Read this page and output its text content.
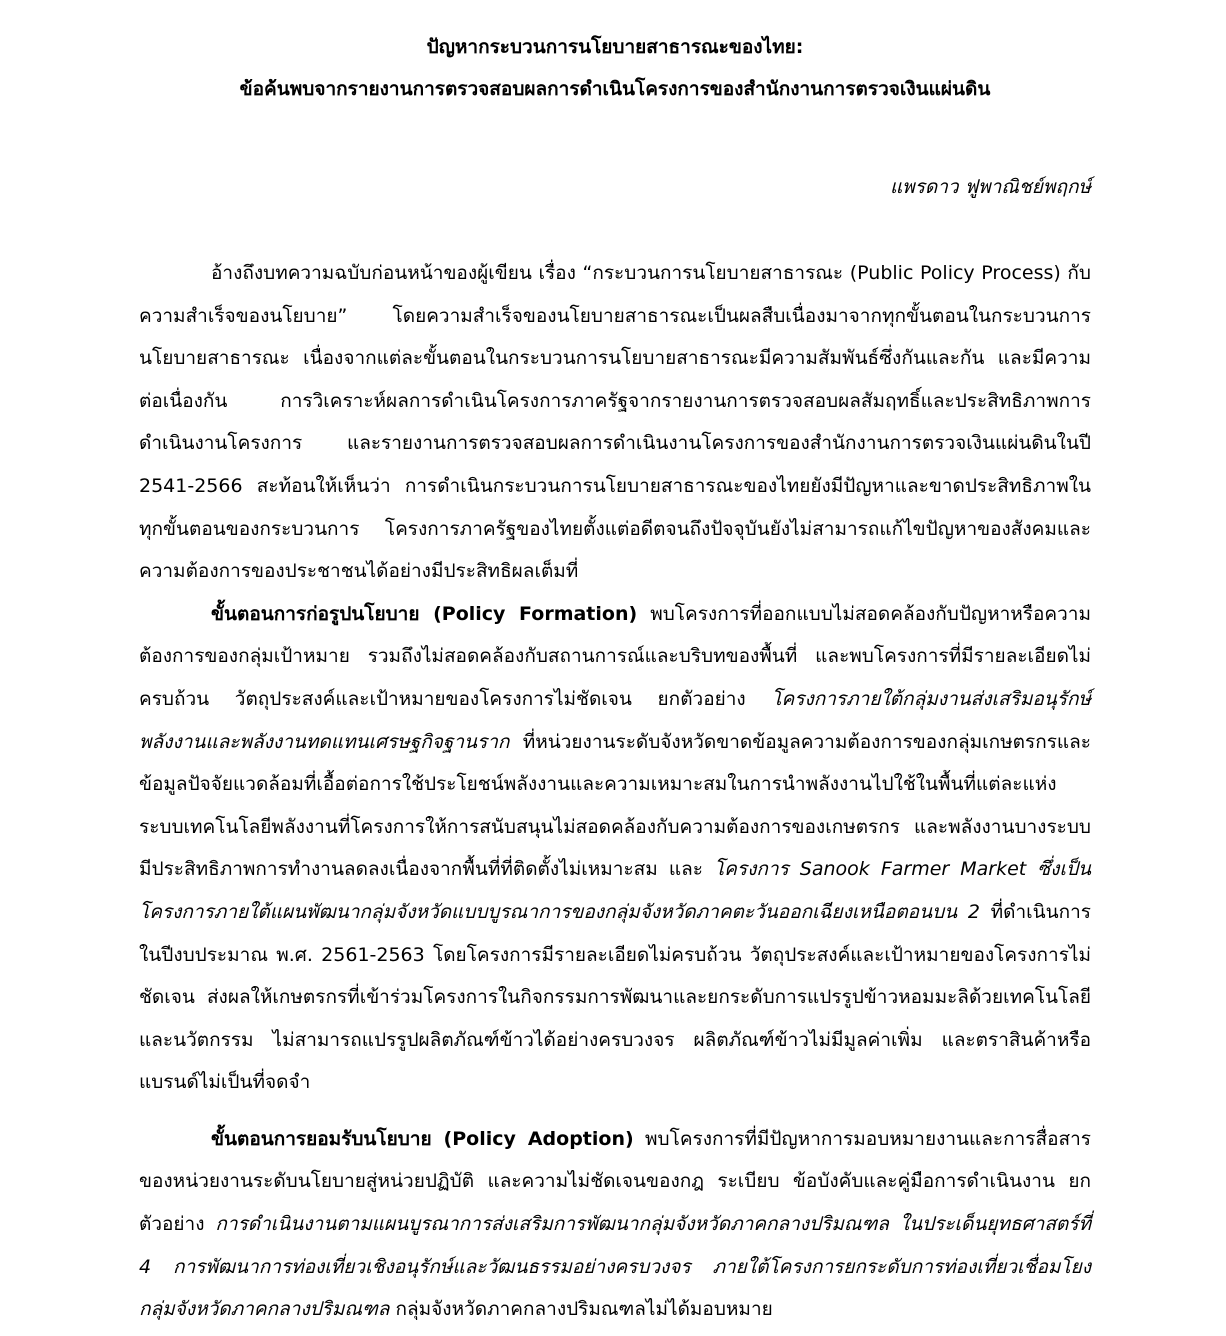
ปัญหากระบวนการนโยบายสาธารณะของไทย:

ข้อค้นพบจากรายงานการตรวจสอบผลการดำเนินโครงการของสำนักงานการตรวจเงินแผ่นดิน

แพรดาว ฟูพาณิชย์พฤกษ์

อ้างถึงบทความฉบับก่อนหน้าของผู้เขียน เรื่อง “กระบวนการนโยบายสาธารณะ (Public Policy Process) กับความสำเร็จของนโยบาย” โดยความสำเร็จของนโยบายสาธารณะเป็นผลสืบเนื่องมาจากทุกขั้นตอนในกระบวนการนโยบายสาธารณะ เนื่องจากแต่ละขั้นตอนในกระบวนการนโยบายสาธารณะมีความสัมพันธ์ซึ่งกันและกัน และมีความต่อเนื่องกัน การวิเคราะห์ผลการดำเนินโครงการภาครัฐจากรายงานการตรวจสอบผลสัมฤทธิ์และประสิทธิภาพการดำเนินงานโครงการ และรายงานการตรวจสอบผลการดำเนินงานโครงการของสำนักงานการตรวจเงินแผ่นดินในปี 2541-2566 สะท้อนให้เห็นว่า การดำเนินกระบวนการนโยบายสาธารณะของไทยยังมีปัญหาและขาดประสิทธิภาพในทุกขั้นตอนของกระบวนการ โครงการภาครัฐของไทยตั้งแต่อดีตจนถึงปัจจุบันยังไม่สามารถแก้ไขปัญหาของสังคมและความต้องการของประชาชนได้อย่างมีประสิทธิผลเต็มที่

ขั้นตอนการก่อรูปนโยบาย (Policy Formation) พบโครงการที่ออกแบบไม่สอดคล้องกับปัญหาหรือความต้องการของกลุ่มเป้าหมาย รวมถึงไม่สอดคล้องกับสถานการณ์และบริบทของพื้นที่ และพบโครงการที่มีรายละเอียดไม่ครบถ้วน วัตถุประสงค์และเป้าหมายของโครงการไม่ชัดเจน ยกตัวอย่าง โครงการภายใต้กลุ่มงานส่งเสริมอนุรักษ์พลังงานและพลังงานทดแทนเศรษฐกิจฐานราก ที่หน่วยงานระดับจังหวัดขาดข้อมูลความต้องการของกลุ่มเกษตรกรและข้อมูลปัจจัยแวดล้อมที่เอื้อต่อการใช้ประโยชน์พลังงานและความเหมาะสมในการนำพลังงานไปใช้ในพื้นที่แต่ละแห่ง ระบบเทคโนโลยีพลังงานที่โครงการให้การสนับสนุนไม่สอดคล้องกับความต้องการของเกษตรกร และพลังงานบางระบบมีประสิทธิภาพการทำงานลดลงเนื่องจากพื้นที่ที่ติดตั้งไม่เหมาะสม และ โครงการ Sanook Farmer Market ซึ่งเป็นโครงการภายใต้แผนพัฒนากลุ่มจังหวัดแบบบูรณาการของกลุ่มจังหวัดภาคตะวันออกเฉียงเหนือตอนบน 2 ที่ดำเนินการในปีงบประมาณ พ.ศ. 2561-2563 โดยโครงการมีรายละเอียดไม่ครบถ้วน วัตถุประสงค์และเป้าหมายของโครงการไม่ชัดเจน ส่งผลให้เกษตรกรที่เข้าร่วมโครงการในกิจกรรมการพัฒนาและยกระดับการแปรรูปข้าวหอมมะลิด้วยเทคโนโลยีและนวัตกรรม ไม่สามารถแปรรูปผลิตภัณฑ์ข้าวได้อย่างครบวงจร ผลิตภัณฑ์ข้าวไม่มีมูลค่าเพิ่ม และตราสินค้าหรือแบรนด์ไม่เป็นที่จดจำ

ขั้นตอนการยอมรับนโยบาย (Policy Adoption) พบโครงการที่มีปัญหาการมอบหมายงานและการสื่อสารของหน่วยงานระดับนโยบายสู่หน่วยปฏิบัติ และความไม่ชัดเจนของกฎ ระเบียบ ข้อบังคับและคู่มือการดำเนินงาน ยกตัวอย่าง การดำเนินงานตามแผนบูรณาการส่งเสริมการพัฒนากลุ่มจังหวัดภาคกลางปริมณฑล ในประเด็นยุทธศาสตร์ที่ 4 การพัฒนาการท่องเที่ยวเชิงอนุรักษ์และวัฒนธรรมอย่างครบวงจร ภายใต้โครงการยกระดับการท่องเที่ยวเชื่อมโยงกลุ่มจังหวัดภาคกลางปริมณฑล กลุ่มจังหวัดภาคกลางปริมณฑลไม่ได้มอบหมาย
